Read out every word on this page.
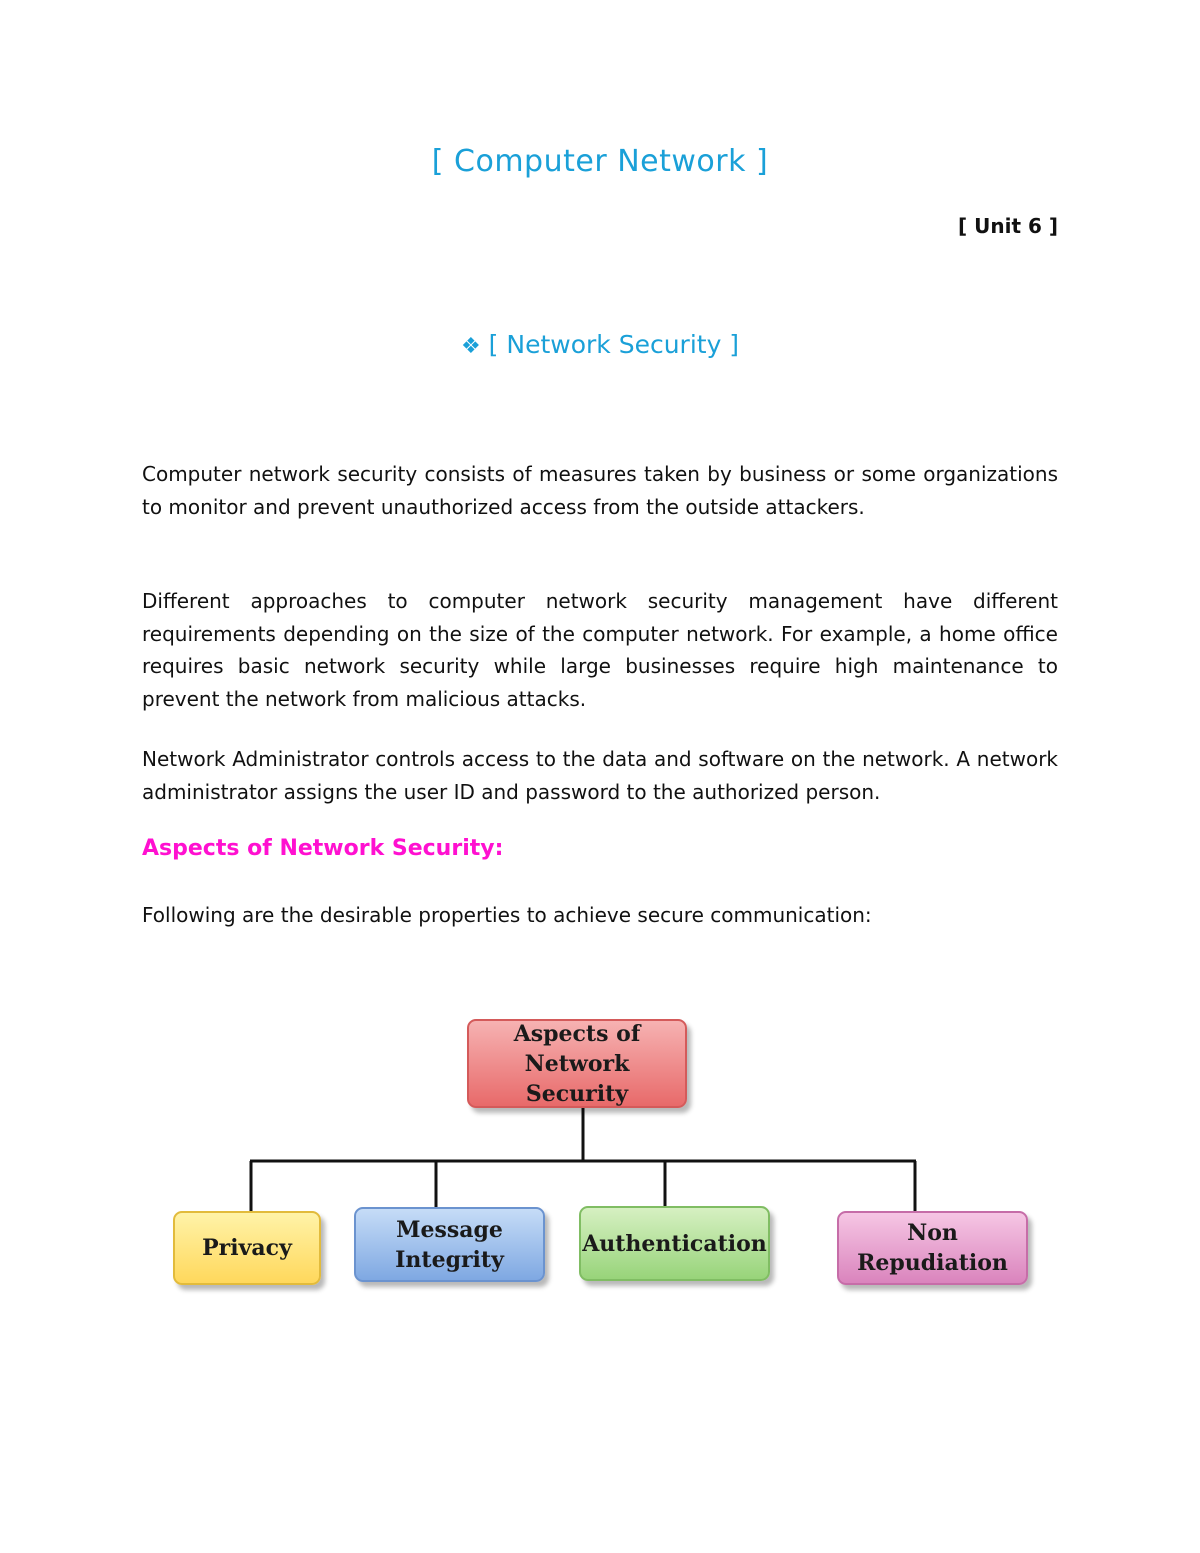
[ Computer Network ]
[ Unit 6 ]
❖ [ Network Security ]

Computer network security consists of measures taken by business or some organizations to monitor and prevent unauthorized access from the outside attackers.

Different approaches to computer network security management have different requirements depending on the size of the computer network. For example, a home office requires basic network security while large businesses require high maintenance to prevent the network from malicious attacks.

Network Administrator controls access to the data and software on the network. A network administrator assigns the user ID and password to the authorized person.

Aspects of Network Security:

Following are the desirable properties to achieve secure communication:

Aspects of Network
Security
Privacy
Message
Integrity
Authentication	Non
Repudiation
